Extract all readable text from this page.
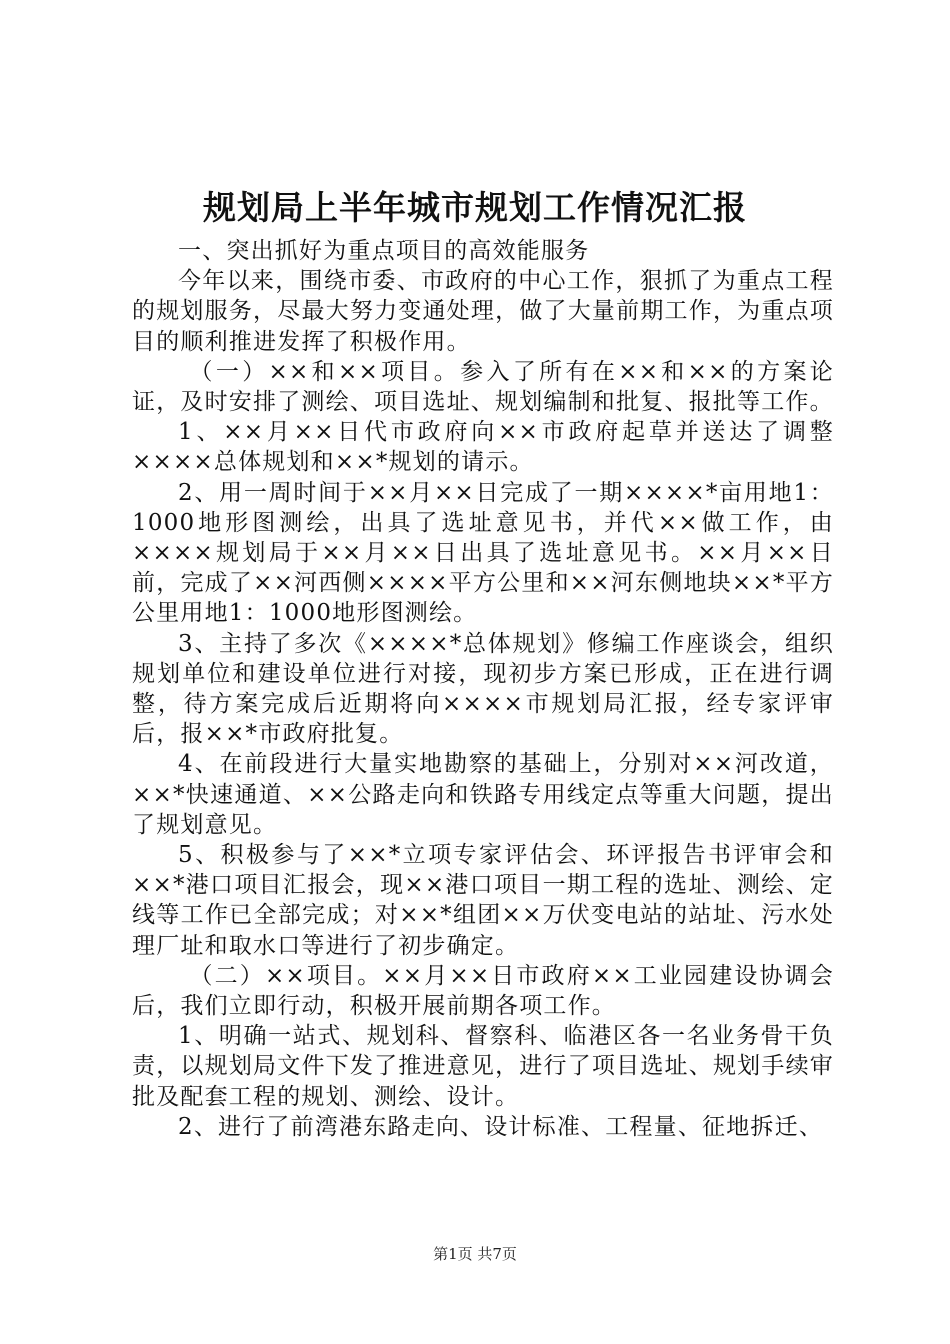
规划局上半年城市规划工作情况汇报

一、突出抓好为重点项目的高效能服务

今年以来，围绕市委、市政府的中心工作，狠抓了为重点工程的规划服务，尽最大努力变通处理，做了大量前期工作，为重点项目的顺利推进发挥了积极作用。

（一）××和××项目。参入了所有在××和××的方案论证，及时安排了测绘、项目选址、规划编制和批复、报批等工作。

1、××月××日代市政府向××市政府起草并送达了调整××××总体规划和××*规划的请示。

2、用一周时间于××月××日完成了一期××××*亩用地1：1000地形图测绘，出具了选址意见书，并代××做工作，由××××规划局于××月××日出具了选址意见书。××月××日前，完成了××河西侧××××平方公里和××河东侧地块××*平方公里用地1：1000地形图测绘。

3、主持了多次《××××*总体规划》修编工作座谈会，组织规划单位和建设单位进行对接，现初步方案已形成，正在进行调整，待方案完成后近期将向××××市规划局汇报，经专家评审后，报××*市政府批复。

4、在前段进行大量实地勘察的基础上，分别对××河改道，××*快速通道、××公路走向和铁路专用线定点等重大问题，提出了规划意见。

5、积极参与了××*立项专家评估会、环评报告书评审会和××*港口项目汇报会，现××港口项目一期工程的选址、测绘、定线等工作已全部完成；对××*组团××万伏变电站的站址、污水处理厂址和取水口等进行了初步确定。

（二）××项目。××月××日市政府××工业园建设协调会后，我们立即行动，积极开展前期各项工作。

1、明确一站式、规划科、督察科、临港区各一名业务骨干负责，以规划局文件下发了推进意见，进行了项目选址、规划手续审批及配套工程的规划、测绘、设计。

2、进行了前湾港东路走向、设计标准、工程量、征地拆迁、

第1页 共7页
